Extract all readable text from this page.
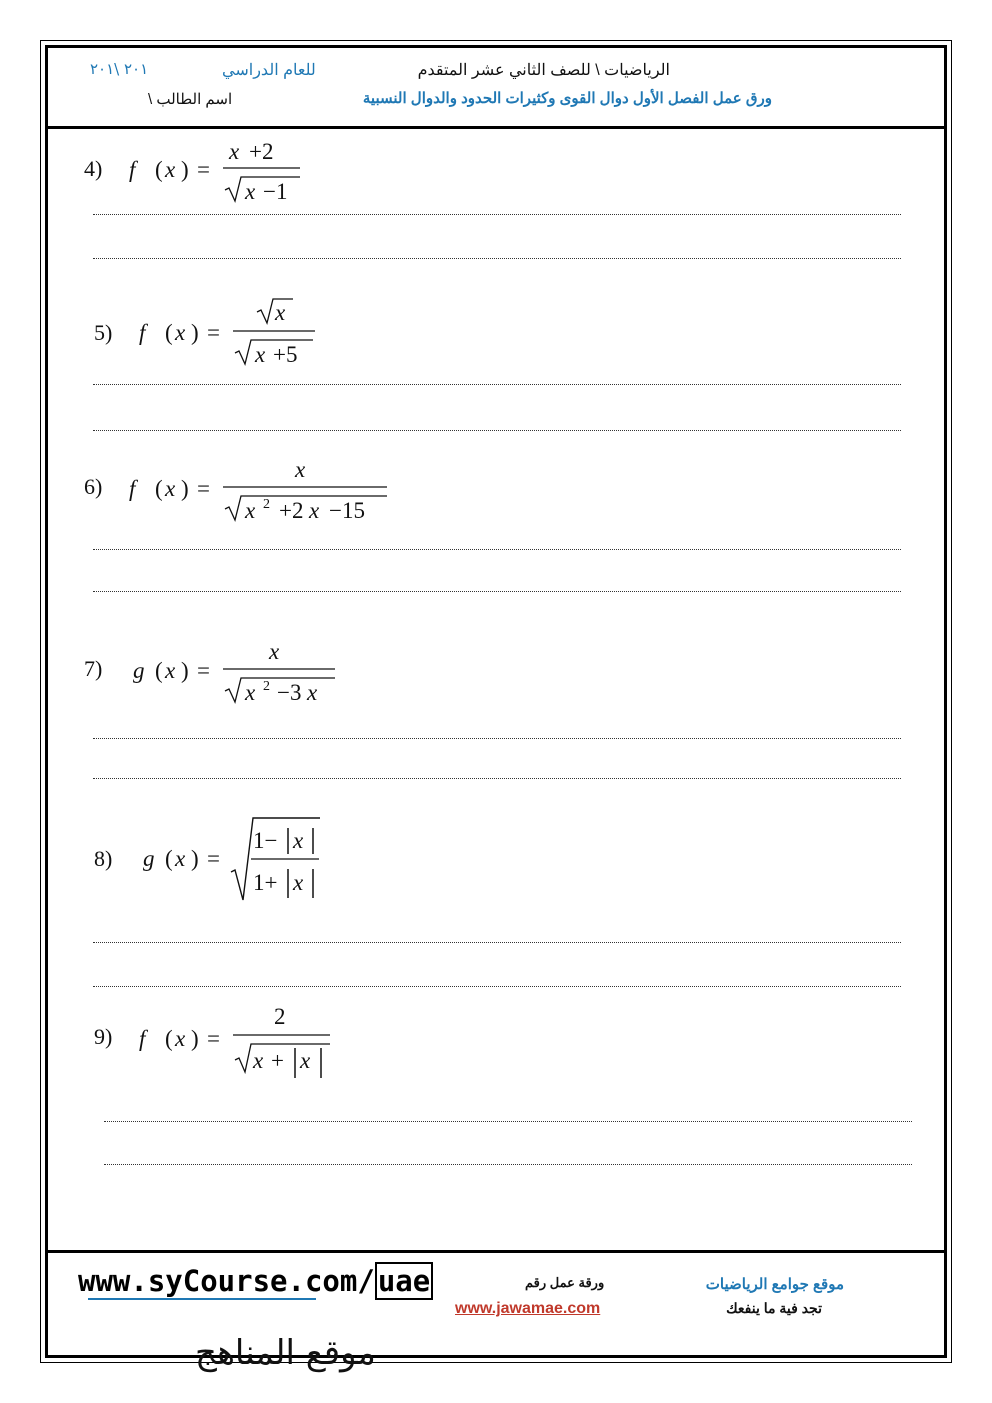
٢٠١ \٢٠١	للعام الدراسي	الرياضيات \ للصف الثاني عشر المتقدم
اسم الطالب \	ورق عمل الفصل الأول دوال القوى وكثيرات الحدود والدوال النسبية
4) f ( x ) =
x +2
x −1
5) f ( x ) =
x
x +5
6) f ( x ) =
x
x 2 +2 x −15
7) g ( x ) =
x
x 2 −3 x
8) g ( x ) =
1− x
1+ x
9) f ( x ) =
2
x + x
www.syCourse.com/ uae	ورقة عمل رقم
www.jawamae.com
موقع جوامع الرياضيات
تجد فية ما ينفعك
موقع المناهج
